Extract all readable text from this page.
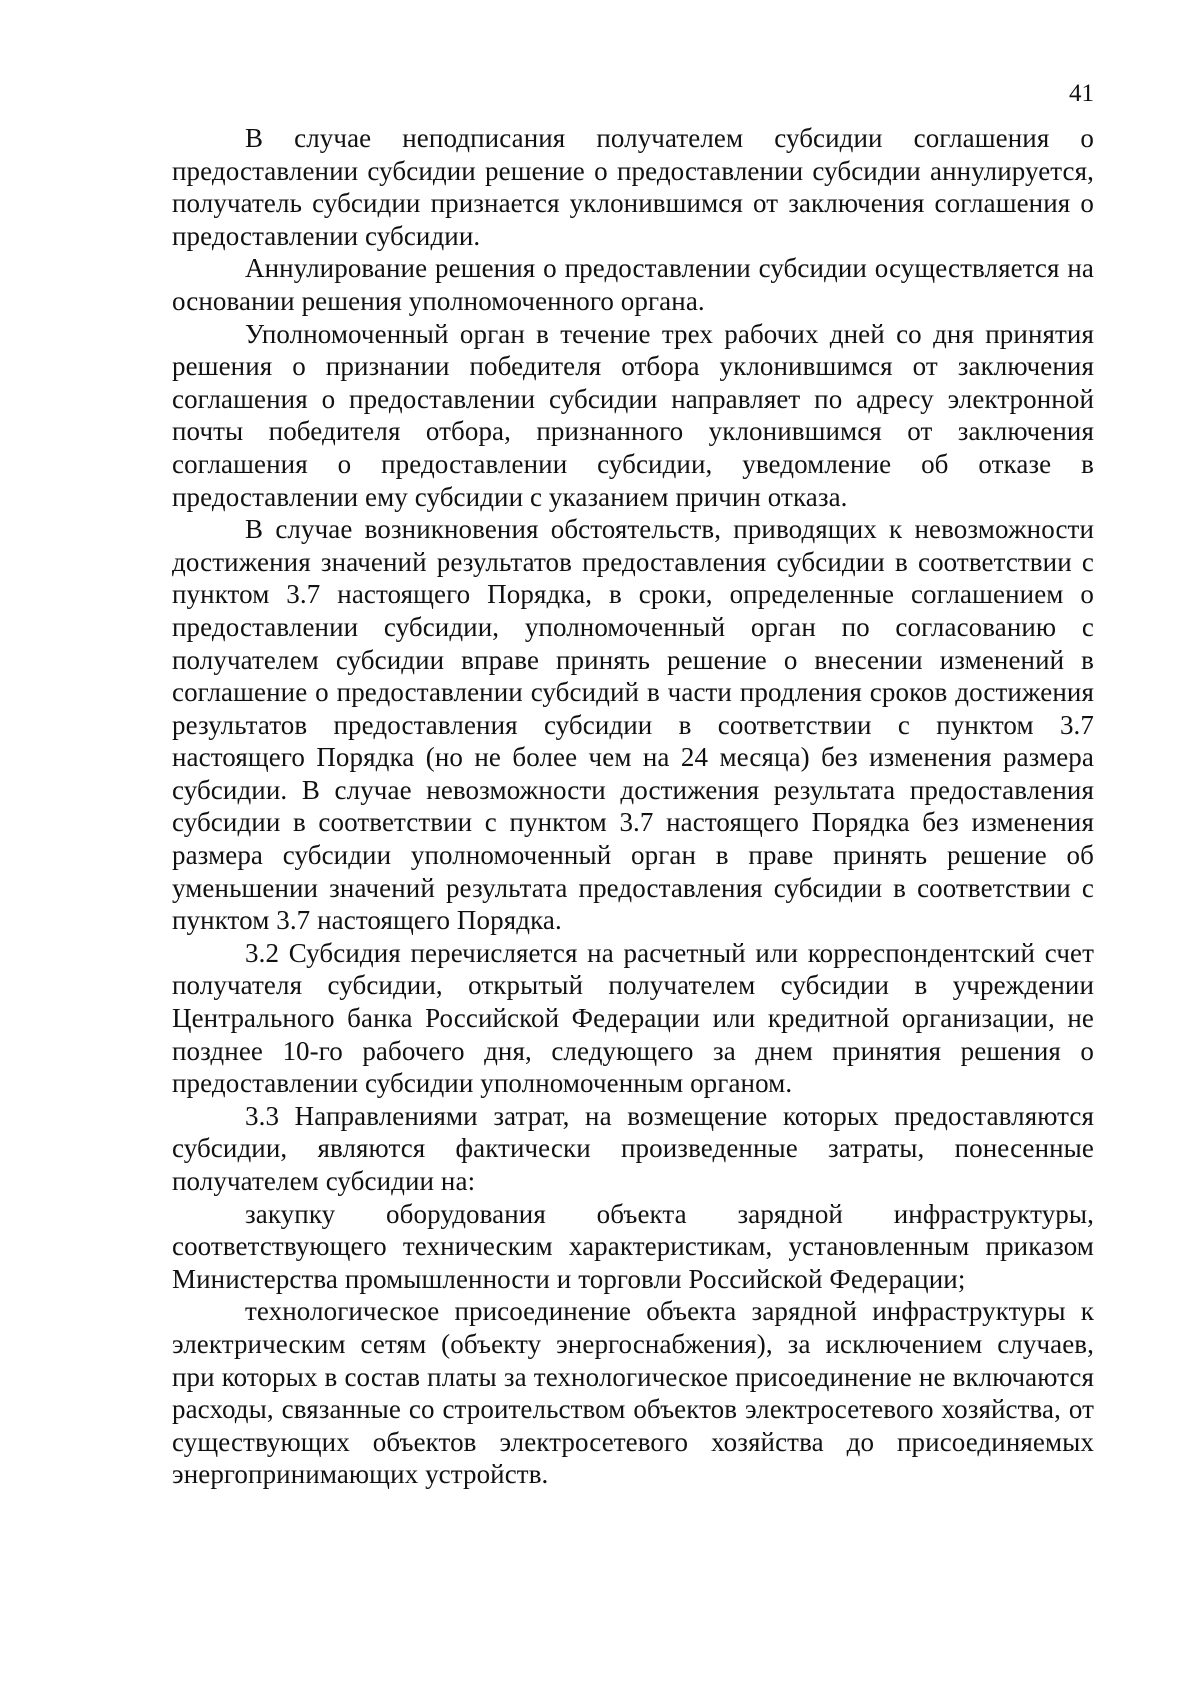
41

В случае неподписания получателем субсидии соглашения о предоставлении субсидии решение о предоставлении субсидии аннулируется, получатель субсидии признается уклонившимся от заключения соглашения о предоставлении субсидии.

Аннулирование решения о предоставлении субсидии осуществляется на основании решения уполномоченного органа.

Уполномоченный орган в течение трех рабочих дней со дня принятия решения о признании победителя отбора уклонившимся от заключения соглашения о предоставлении субсидии направляет по адресу электронной почты победителя отбора, признанного уклонившимся от заключения соглашения о предоставлении субсидии, уведомление об отказе в предоставлении ему субсидии с указанием причин отказа.

В случае возникновения обстоятельств, приводящих к невозможности достижения значений результатов предоставления субсидии в соответствии с пунктом 3.7 настоящего Порядка, в сроки, определенные соглашением о предоставлении субсидии, уполномоченный орган по согласованию с получателем субсидии вправе принять решение о внесении изменений в соглашение о предоставлении субсидий в части продления сроков достижения результатов предоставления субсидии в соответствии с пунктом 3.7 настоящего Порядка (но не более чем на 24 месяца) без изменения размера субсидии. В случае невозможности достижения результата предоставления субсидии в соответствии с пунктом 3.7 настоящего Порядка без изменения размера субсидии уполномоченный орган в праве принять решение об уменьшении значений результата предоставления субсидии в соответствии с пунктом 3.7 настоящего Порядка.

3.2 Субсидия перечисляется на расчетный или корреспондентский счет получателя субсидии, открытый получателем субсидии в учреждении Центрального банка Российской Федерации или кредитной организации, не позднее 10-го рабочего дня, следующего за днем принятия решения о предоставлении субсидии уполномоченным органом.

3.3 Направлениями затрат, на возмещение которых предоставляются субсидии, являются фактически произведенные затраты, понесенные получателем субсидии на:

закупку оборудования объекта зарядной инфраструктуры, соответствующего техническим характеристикам, установленным приказом Министерства промышленности и торговли Российской Федерации;

технологическое присоединение объекта зарядной инфраструктуры к электрическим сетям (объекту энергоснабжения), за исключением случаев, при которых в состав платы за технологическое присоединение не включаются расходы, связанные со строительством объектов электросетевого хозяйства, от существующих объектов электросетевого хозяйства до присоединяемых энергопринимающих устройств.
